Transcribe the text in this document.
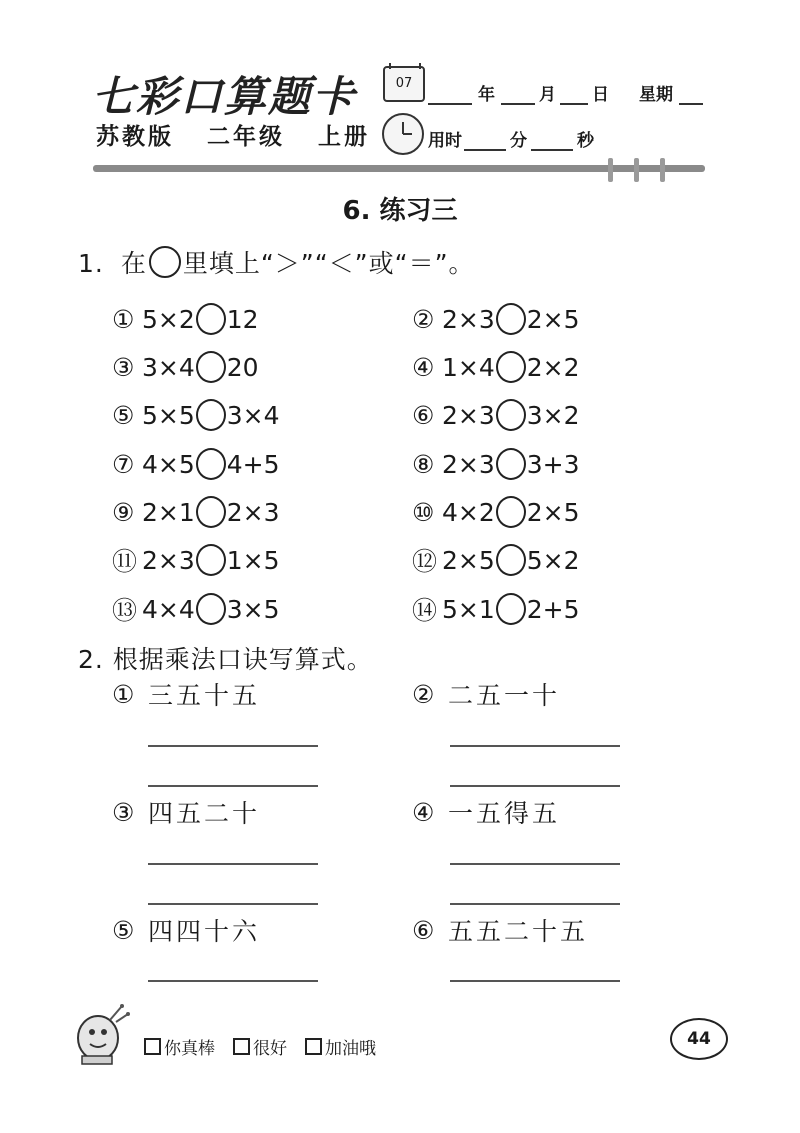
七彩口算题卡
苏教版 二年级 上册
07
年	月 日 星期
用时	分	秒
6. 练习三
1. 在 里填上“＞”“＜”或“＝”。
① 5×2 12	② 2×3 2×5
③ 3×4 20	④ 1×4 2×2
⑤ 5×5 3×4	⑥ 2×3 3×2
⑦ 4×5 4+5	⑧ 2×3 3+3
⑨ 2×1 2×3	⑩ 4×2 2×5
⑪ 2×3 1×5	⑫ 2×5 5×2
⑬ 4×4 3×5	⑭ 5×1 2+5
2. 根据乘法口诀写算式。
① 三五十五	② 二五一十
③ 四五二十	④ 一五得五
⑤ 四四十六	⑥ 五五二十五
你真棒 很好 加油哦	44
